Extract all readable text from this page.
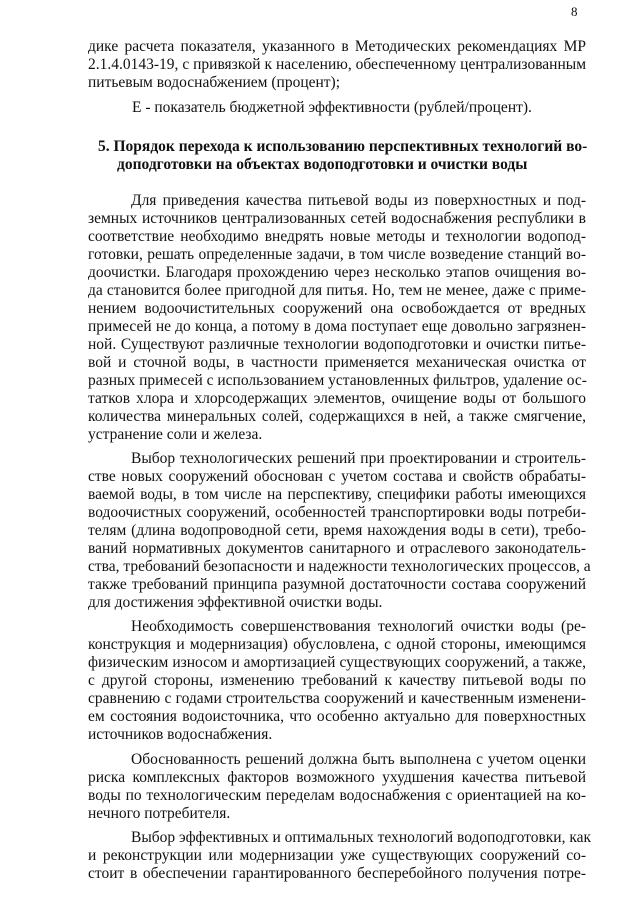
8
дике расчета показателя, указанного в Методических рекомендациях МР
2.1.4.0143-19, с привязкой к населению, обеспеченному централизованным
питьевым водоснабжением (процент);
Е - показатель бюджетной эффективности (рублей/процент).
5. Порядок перехода к использованию перспективных технологий во-
доподготовки на объектах водоподготовки и очистки воды
Для приведения качества питьевой воды из поверхностных и под-
земных источников централизованных сетей водоснабжения республики в
соответствие необходимо внедрять новые методы и технологии водопод-
готовки, решать определенные задачи, в том числе возведение станций во-
доочистки. Благодаря прохождению через несколько этапов очищения во-
да становится более пригодной для питья. Но, тем не менее, даже с приме-
нением водоочистительных сооружений она освобождается от вредных
примесей не до конца, а потому в дома поступает еще довольно загрязнен-
ной. Существуют различные технологии водоподготовки и очистки питье-
вой и сточной воды, в частности применяется механическая очистка от
разных примесей с использованием установленных фильтров, удаление ос-
татков хлора и хлорсодержащих элементов, очищение воды от большого
количества минеральных солей, содержащихся в ней, а также смягчение,
устранение соли и железа.
Выбор технологических решений при проектировании и строитель-
стве новых сооружений обоснован с учетом состава и свойств обрабаты-
ваемой воды, в том числе на перспективу, специфики работы имеющихся
водоочистных сооружений, особенностей транспортировки воды потреби-
телям (длина водопроводной сети, время нахождения воды в сети), требо-
ваний нормативных документов санитарного и отраслевого законодатель-
ства, требований безопасности и надежности технологических процессов, а
также требований принципа разумной достаточности состава сооружений
для достижения эффективной очистки воды.
Необходимость совершенствования технологий очистки воды (ре-
конструкция и модернизация) обусловлена, с одной стороны, имеющимся
физическим износом и амортизацией существующих сооружений, а также,
с другой стороны, изменению требований к качеству питьевой воды по
сравнению с годами строительства сооружений и качественным изменени-
ем состояния водоисточника, что особенно актуально для поверхностных
источников водоснабжения.
Обоснованность решений должна быть выполнена с учетом оценки
риска комплексных факторов возможного ухудшения качества питьевой
воды по технологическим переделам водоснабжения с ориентацией на ко-
нечного потребителя.
Выбор эффективных и оптимальных технологий водоподготовки, как
и реконструкции или модернизации уже существующих сооружений со-
стоит в обеспечении гарантированного бесперебойного получения потре-
